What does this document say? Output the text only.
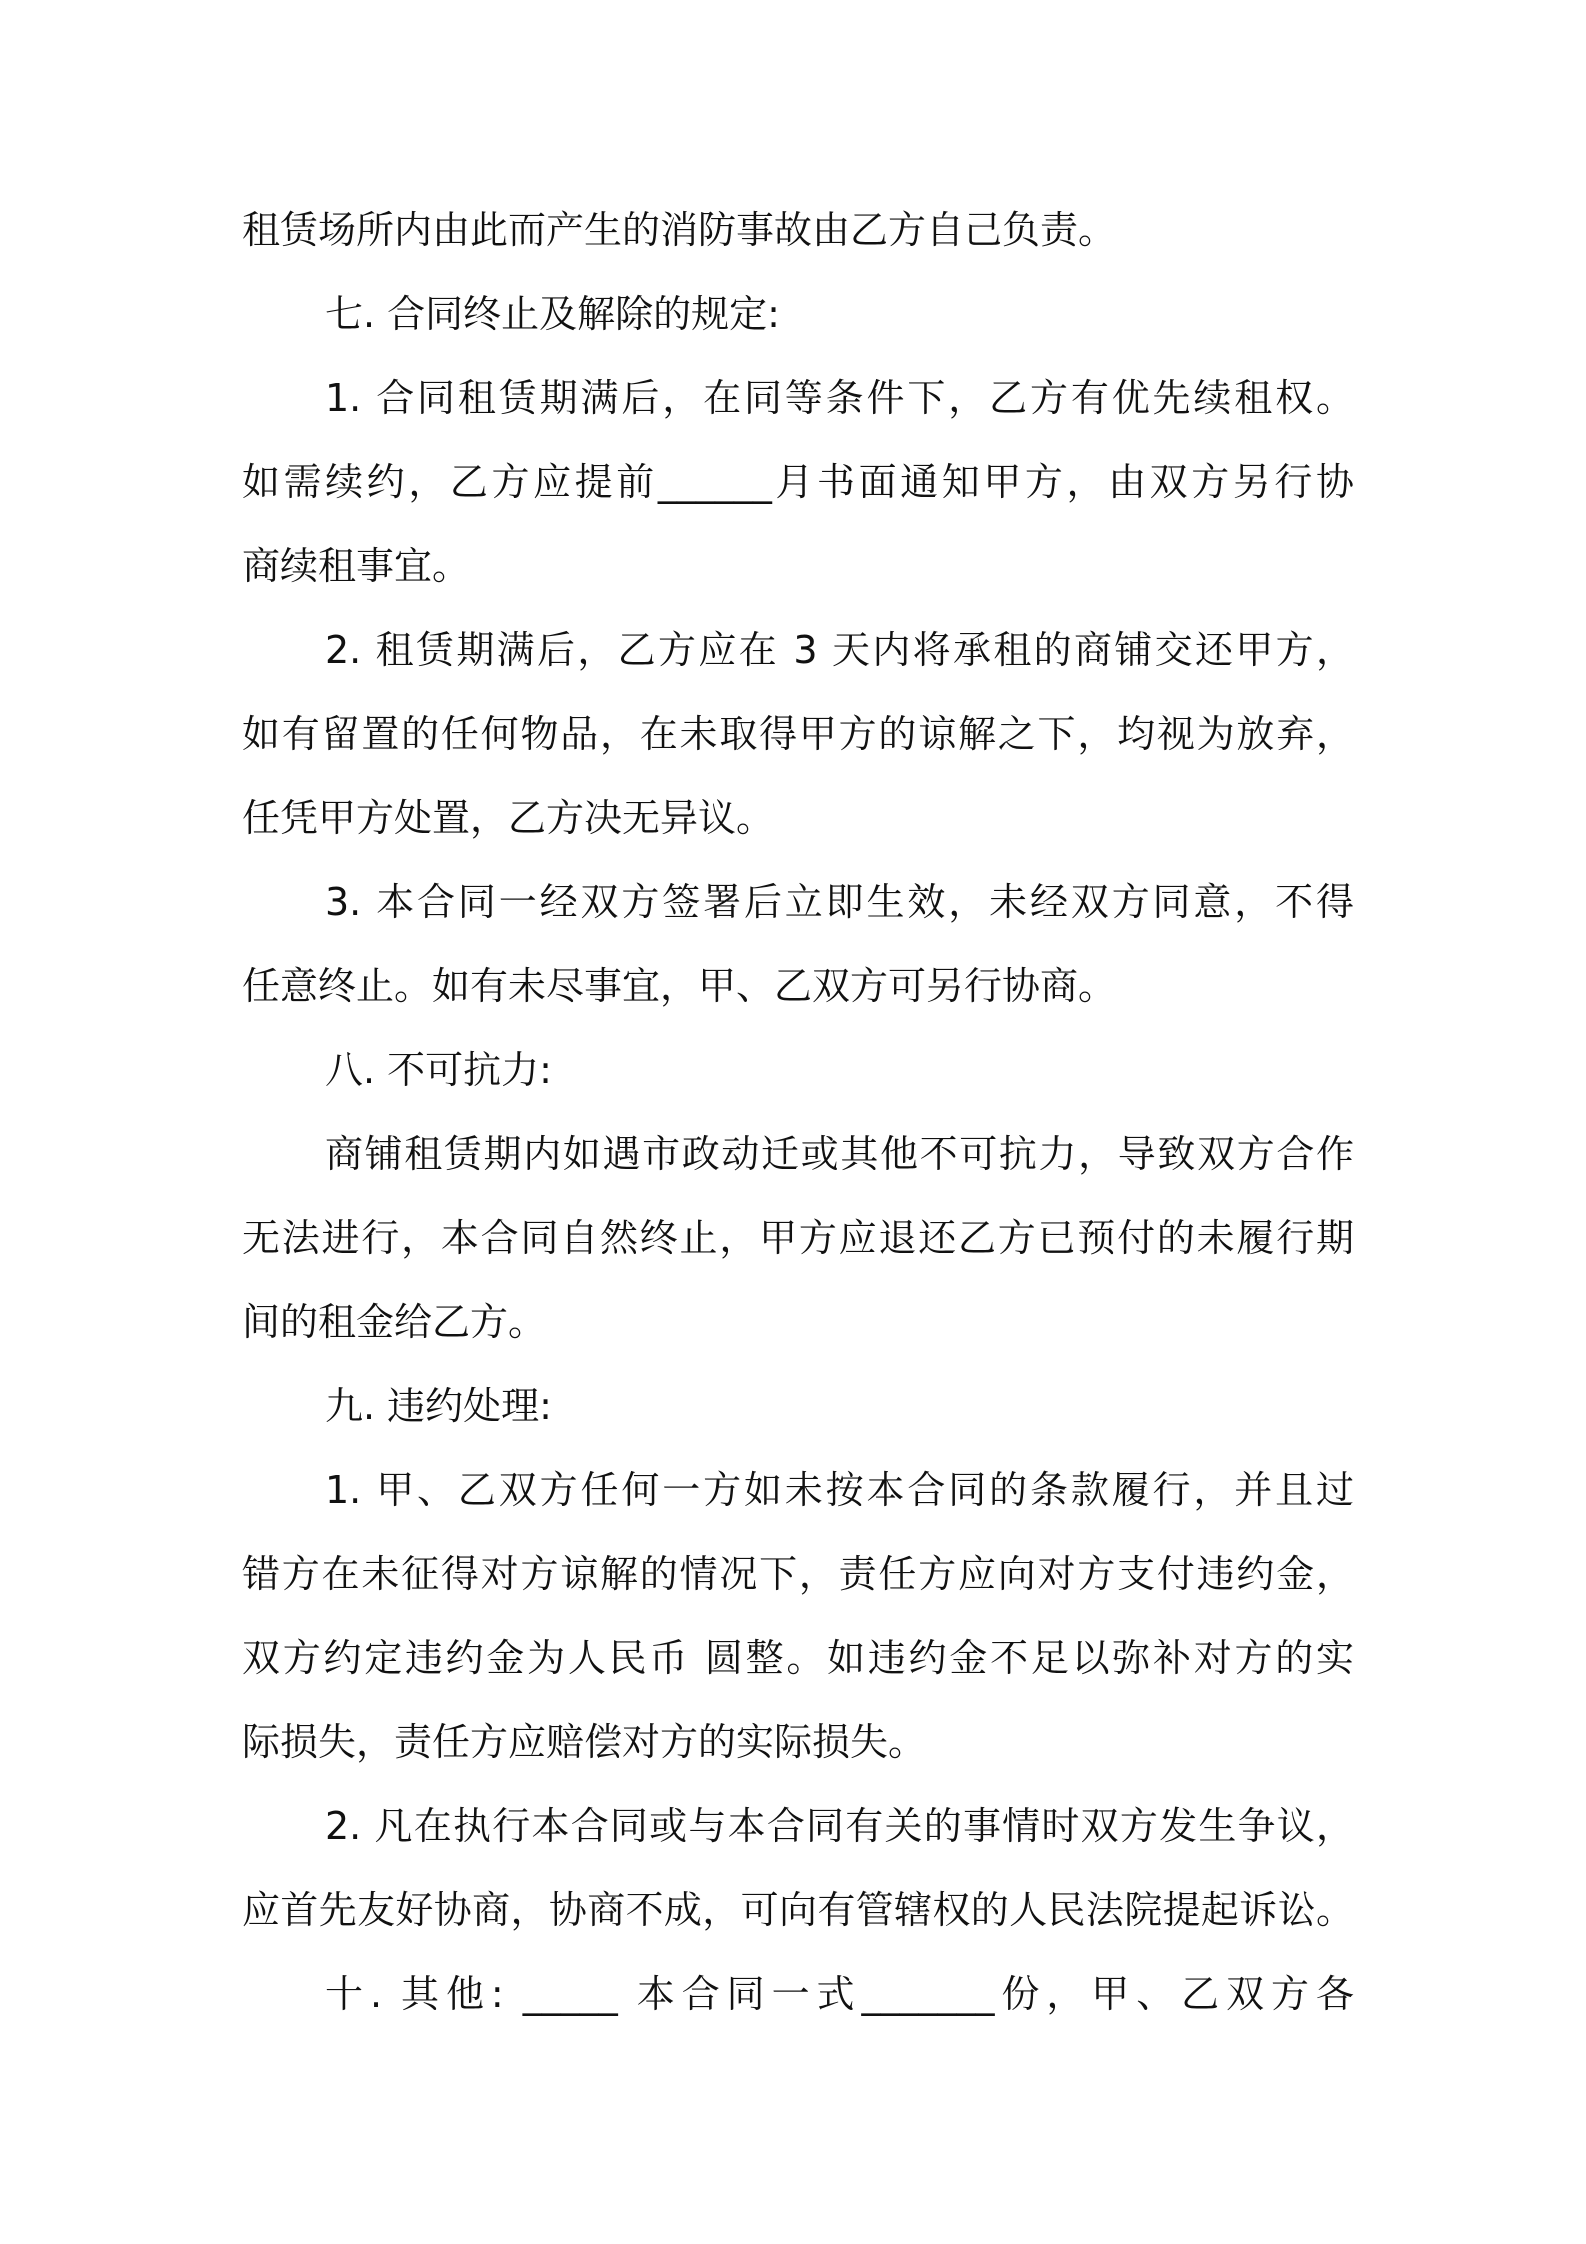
租赁场所内由此而产生的消防事故由乙方自己负责。
七. 合同终止及解除的规定:
1. 合同租赁期满后，在同等条件下，乙方有优先续租权。
如需续约，乙方应提前______月书面通知甲方，由双方另行协
商续租事宜。
2. 租赁期满后，乙方应在 3 天内将承租的商铺交还甲方，
如有留置的任何物品，在未取得甲方的谅解之下，均视为放弃，
任凭甲方处置，乙方决无异议。
3. 本合同一经双方签署后立即生效，未经双方同意，不得
任意终止。如有未尽事宜，甲、乙双方可另行协商。
八. 不可抗力:
商铺租赁期内如遇市政动迁或其他不可抗力，导致双方合作
无法进行，本合同自然终止，甲方应退还乙方已预付的未履行期
间的租金给乙方。
九. 违约处理:
1. 甲、乙双方任何一方如未按本合同的条款履行，并且过
错方在未征得对方谅解的情况下，责任方应向对方支付违约金，
双方约定违约金为人民币 圆整。如违约金不足以弥补对方的实
际损失，责任方应赔偿对方的实际损失。
2. 凡在执行本合同或与本合同有关的事情时双方发生争议，
应首先友好协商，协商不成，可向有管辖权的人民法院提起诉讼。
十. 其他: _____ 本合同一式_______份，甲、乙双方各
